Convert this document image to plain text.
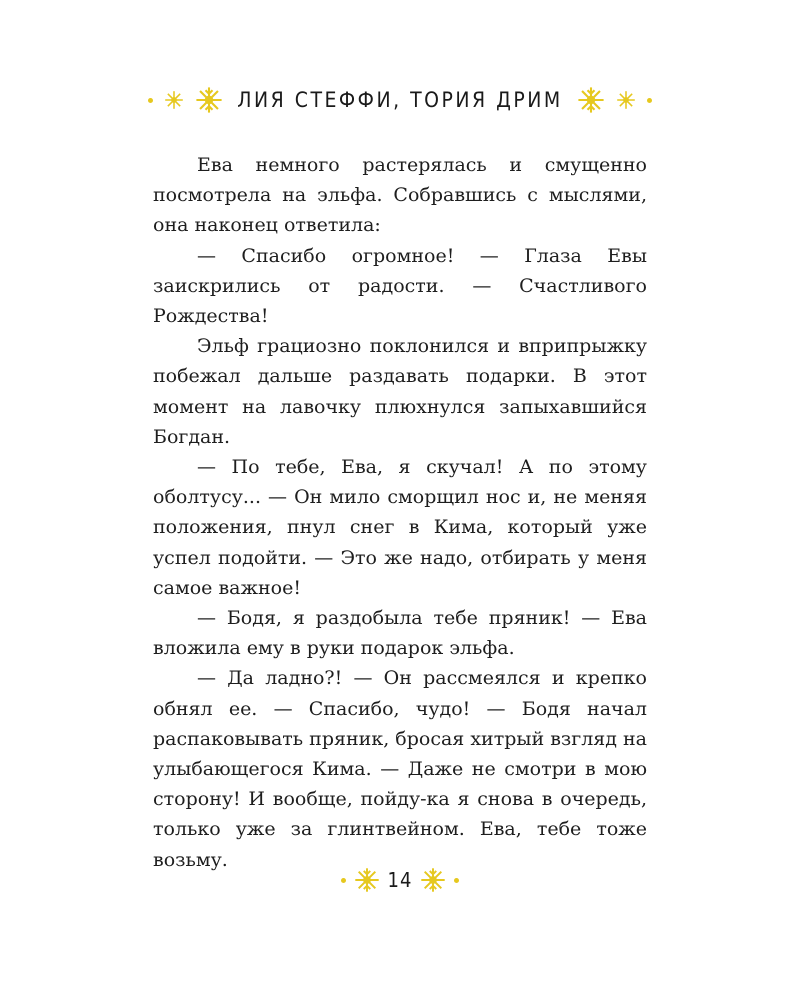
ЛИЯ СТЕФФИ, ТОРИЯ ДРИМ

Ева немного растерялась и смущенно посмотрела на эльфа. Собравшись с мыслями, она наконец ответила:

— Спасибо огромное! — Глаза Евы заискрились от радости. — Счастливого Рождества!

Эльф грациозно поклонился и вприпрыжку побежал дальше раздавать подарки. В этот момент на лавочку плюхнулся запыхавшийся Богдан.

— По тебе, Ева, я скучал! А по этому оболтусу... — Он мило сморщил нос и, не меняя положения, пнул снег в Кима, который уже успел подойти. — Это же надо, отбирать у меня самое важное!

— Бодя, я раздобыла тебе пряник! — Ева вложила ему в руки подарок эльфа.

— Да ладно?! — Он рассмеялся и крепко обнял ее. — Спасибо, чудо! — Бодя начал распаковывать пряник, бросая хитрый взгляд на улыбающегося Кима. — Даже не смотри в мою сторону! И вообще, пойду-ка я снова в очередь, только уже за глинтвейном. Ева, тебе тоже возьму.

14
